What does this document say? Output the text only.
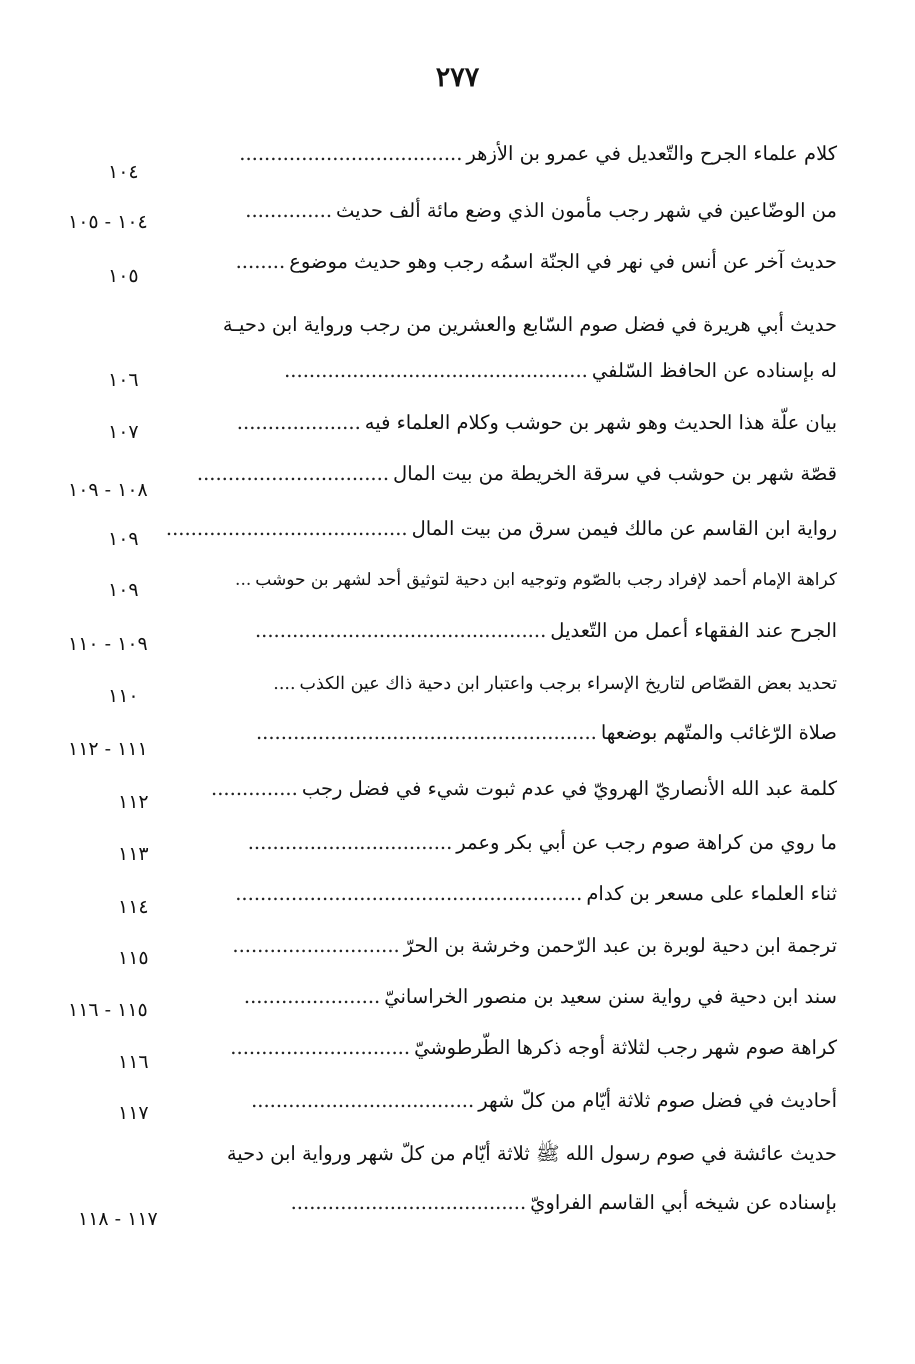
٢٧٧
كلام علماء الجرح والتّعديل في عمرو بن الأزهر....................................
١٠٤
من الوضّاعين في شهر رجب مأمون الذي وضع مائة ألف حديث..............
١٠٤ - ١٠٥
حديث آخر عن أنس في نهر في الجنّة اسمُه رجب وهو حديث موضوع........
١٠٥
حديث أبي هريرة في فضل صوم السّابع والعشرين من رجب ورواية ابن دحيـة
له بإسناده عن الحافظ السّلفي.................................................
١٠٦
بيان علّة هذا الحديث وهو شهر بن حوشب وكلام العلماء فيه....................
١٠٧
قصّة شهر بن حوشب في سرقة الخريطة من بيت المال...............................
١٠٨ - ١٠٩
رواية ابن القاسم عن مالك فيمن سرق من بيت المال.......................................
١٠٩
كراهة الإمام أحمد لإفراد رجب بالصّوم وتوجيه ابن دحية لتوثيق أحد لشهر بن حوشب...
١٠٩
الجرح عند الفقهاء أعمل من التّعديل...............................................
١٠٩ - ١١٠
تحديد بعض القصّاص لتاريخ الإسراء برجب واعتبار ابن دحية ذاك عين الكذب....
١١٠
صلاة الرّغائب والمتّهم بوضعها.......................................................
١١١ - ١١٢
كلمة عبد الله الأنصاريّ الهرويّ في عدم ثبوت شيء في فضل رجب..............
١١٢
ما روي من كراهة صوم رجب عن أبي بكر وعمر.................................
١١٣
ثناء العلماء على مسعر بن كدام........................................................
١١٤
ترجمة ابن دحية لوبرة بن عبد الرّحمن وخرشة بن الحرّ...........................
١١٥
سند ابن دحية في رواية سنن سعيد بن منصور الخراسانيّ......................
١١٥ - ١١٦
كراهة صوم شهر رجب لثلاثة أوجه ذكرها الطّرطوشيّ.............................
١١٦
أحاديث في فضل صوم ثلاثة أيّام من كلّ شهر....................................
١١٧
حديث عائشة في صوم رسول الله ﷺ ثلاثة أيّام من كلّ شهر ورواية ابن دحية
بإسناده عن شيخه أبي القاسم الفراويّ......................................
١١٧ - ١١٨
